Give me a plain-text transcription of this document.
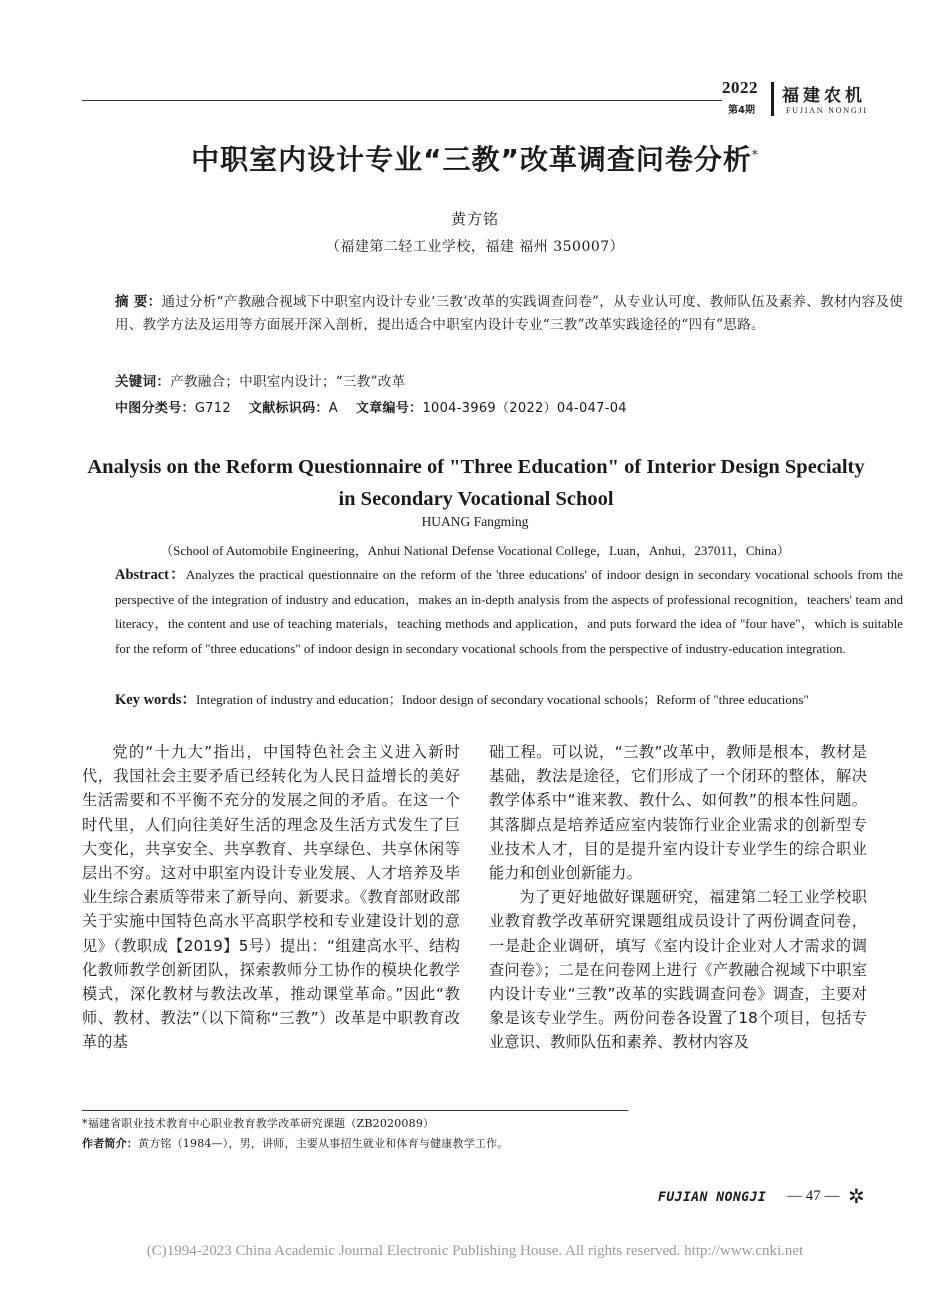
2022
第4期
福建农机
FUJIAN NONGJI
中职室内设计专业“三教”改革调查问卷分析*
黄方铭
（福建第二轻工业学校，福建 福州 350007）
摘 要：通过分析“产教融合视域下中职室内设计专业‘三教’改革的实践调查问卷”，从专业认可度、教师队伍及素养、教材内容及使用、教学方法及运用等方面展开深入剖析，提出适合中职室内设计专业“三教”改革实践途径的“四有”思路。
关键词：产教融合；中职室内设计；“三教”改革
中图分类号：G712 文献标识码：A 文章编号：1004-3969（2022）04-047-04
Analysis on the Reform Questionnaire of "Three Education" of Interior Design Specialty in Secondary Vocational School
HUANG Fangming
（School of Automobile Engineering，Anhui National Defense Vocational College，Luan，Anhui，237011，China）
Abstract：Analyzes the practical questionnaire on the reform of the 'three educations' of indoor design in secondary vocational schools from the perspective of the integration of industry and education，makes an in-depth analysis from the aspects of professional recognition，teachers' team and literacy，the content and use of teaching materials，teaching methods and application，and puts forward the idea of "four have"，which is suitable for the reform of "three educations" of indoor design in secondary vocational schools from the perspective of industry-education integration.
Key words：Integration of industry and education；Indoor design of secondary vocational schools；Reform of "three educations"

党的“十九大”指出，中国特色社会主义进入新时代，我国社会主要矛盾已经转化为人民日益增长的美好生活需要和不平衡不充分的发展之间的矛盾。在这一个时代里，人们向往美好生活的理念及生活方式发生了巨大变化，共享安全、共享教育、共享绿色、共享休闲等层出不穷。这对中职室内设计专业发展、人才培养及毕业生综合素质等带来了新导向、新要求。《教育部财政部关于实施中国特色高水平高职学校和专业建设计划的意见》（教职成【2019】5号）提出：“组建高水平、结构化教师教学创新团队，探索教师分工协作的模块化教学模式，深化教材与教法改革，推动课堂革命。”因此“教师、教材、教法”（以下简称“三教”）改革是中职教育改革的基

础工程。可以说，“三教”改革中，教师是根本，教材是基础，教法是途径，它们形成了一个闭环的整体，解决教学体系中“谁来教、教什么、如何教”的根本性问题。其落脚点是培养适应室内装饰行业企业需求的创新型专业技术人才，目的是提升室内设计专业学生的综合职业能力和创业创新能力。

为了更好地做好课题研究，福建第二轻工业学校职业教育教学改革研究课题组成员设计了两份调查问卷，一是赴企业调研，填写《室内设计企业对人才需求的调查问卷》；二是在问卷网上进行《产教融合视域下中职室内设计专业“三教”改革的实践调查问卷》调查，主要对象是该专业学生。两份问卷各设置了18个项目，包括专业意识、教师队伍和素养、教材内容及

*福建省职业技术教育中心职业教育教学改革研究课题（ZB2020089）
作者简介：黄方铭（1984—），男，讲师，主要从事招生就业和体育与健康教学工作。
FUJIAN NONGJI — 47 — ✲
(C)1994-2023 China Academic Journal Electronic Publishing House. All rights reserved. http://www.cnki.net
